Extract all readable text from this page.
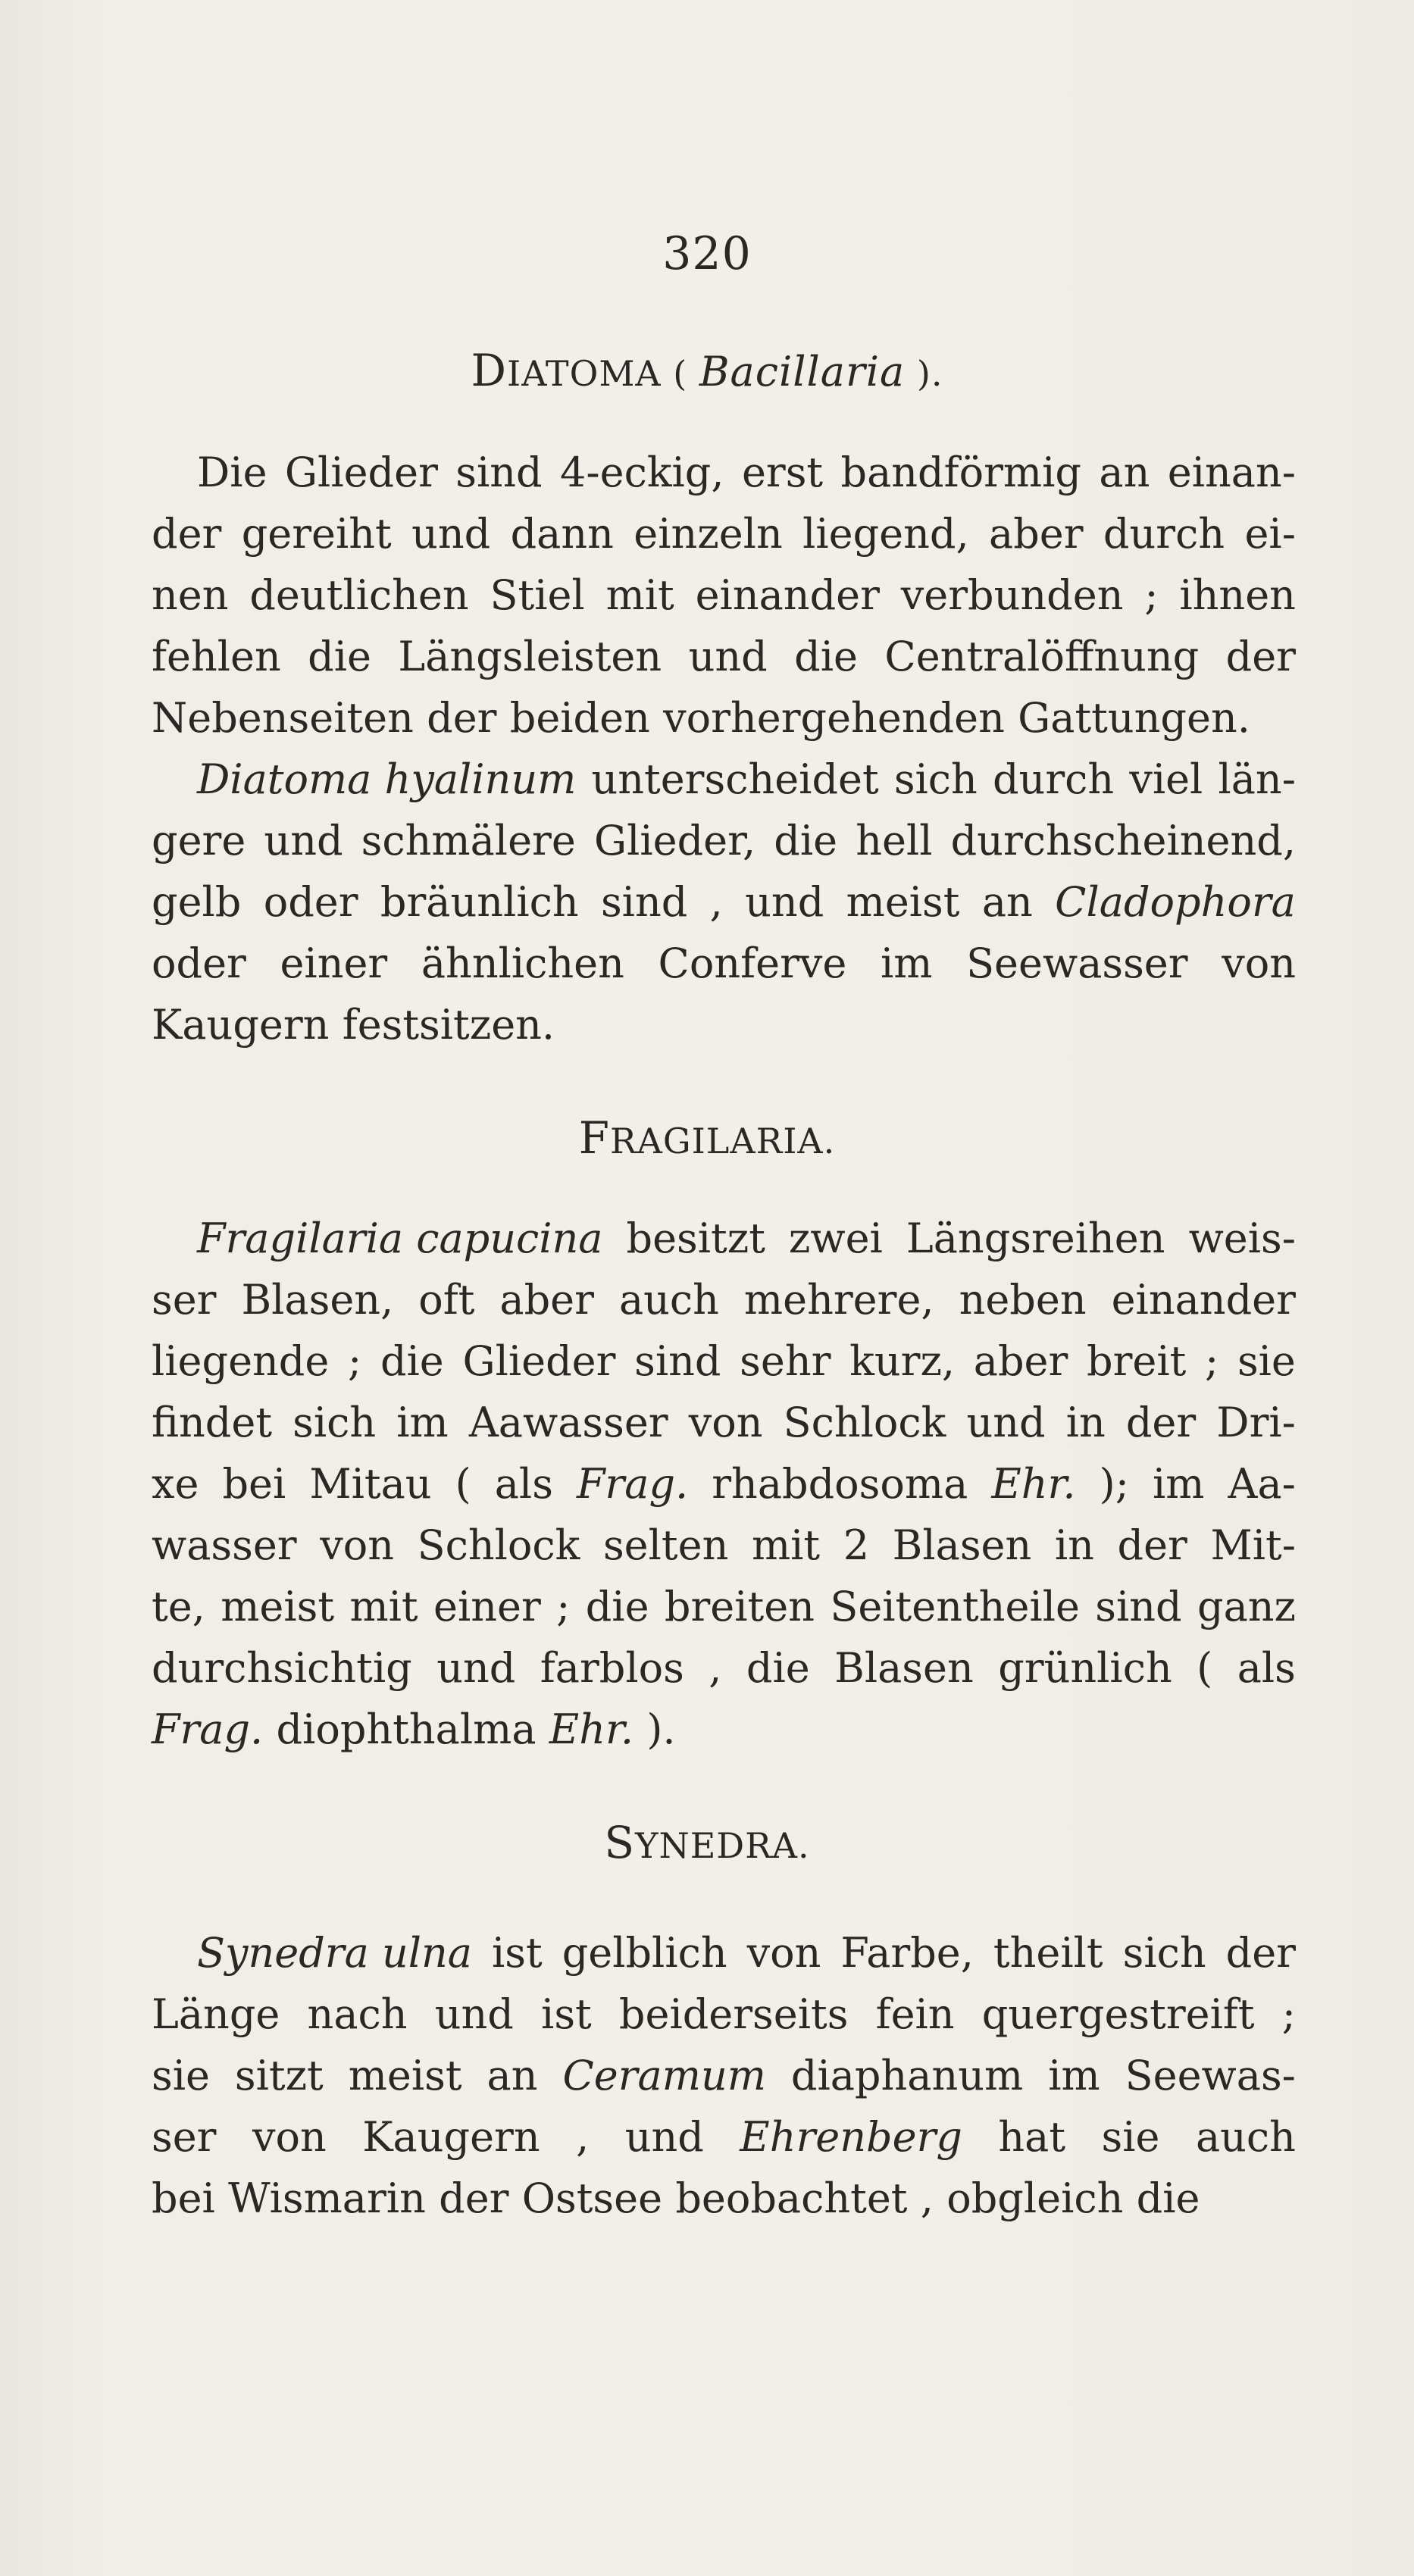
320
DIATOMA ( Bacillaria ).
Die Glieder sind 4-eckig, erst bandförmig an einan-
der gereiht und dann einzeln liegend, aber durch ei-
nen deutlichen Stiel mit einander verbunden ; ihnen
fehlen die Längsleisten und die Centralöffnung der
Nebenseiten der beiden vorhergehenden Gattungen.
Diatoma hyalinum unterscheidet sich durch viel län-
gere und schmälere Glieder, die hell durchscheinend,
gelb oder bräunlich sind , und meist an Cladophora
oder einer ähnlichen Conferve im Seewasser von
Kaugern festsitzen.
FRAGILARIA.
Fragilaria capucina besitzt zwei Längsreihen weis-
ser Blasen, oft aber auch mehrere, neben einander
liegende ; die Glieder sind sehr kurz, aber breit ; sie
findet sich im Aawasser von Schlock und in der Dri-
xe bei Mitau ( als Frag. rhabdosoma Ehr. ); im Aa-
wasser von Schlock selten mit 2 Blasen in der Mit-
te, meist mit einer ; die breiten Seitentheile sind ganz
durchsichtig und farblos , die Blasen grünlich ( als
Frag. diophthalma Ehr. ).
SYNEDRA.
Synedra ulna ist gelblich von Farbe, theilt sich der
Länge nach und ist beiderseits fein quergestreift ;
sie sitzt meist an Ceramum diaphanum im Seewas-
ser von Kaugern , und Ehrenberg hat sie auch
bei Wismarin der Ostsee beobachtet , obgleich die
